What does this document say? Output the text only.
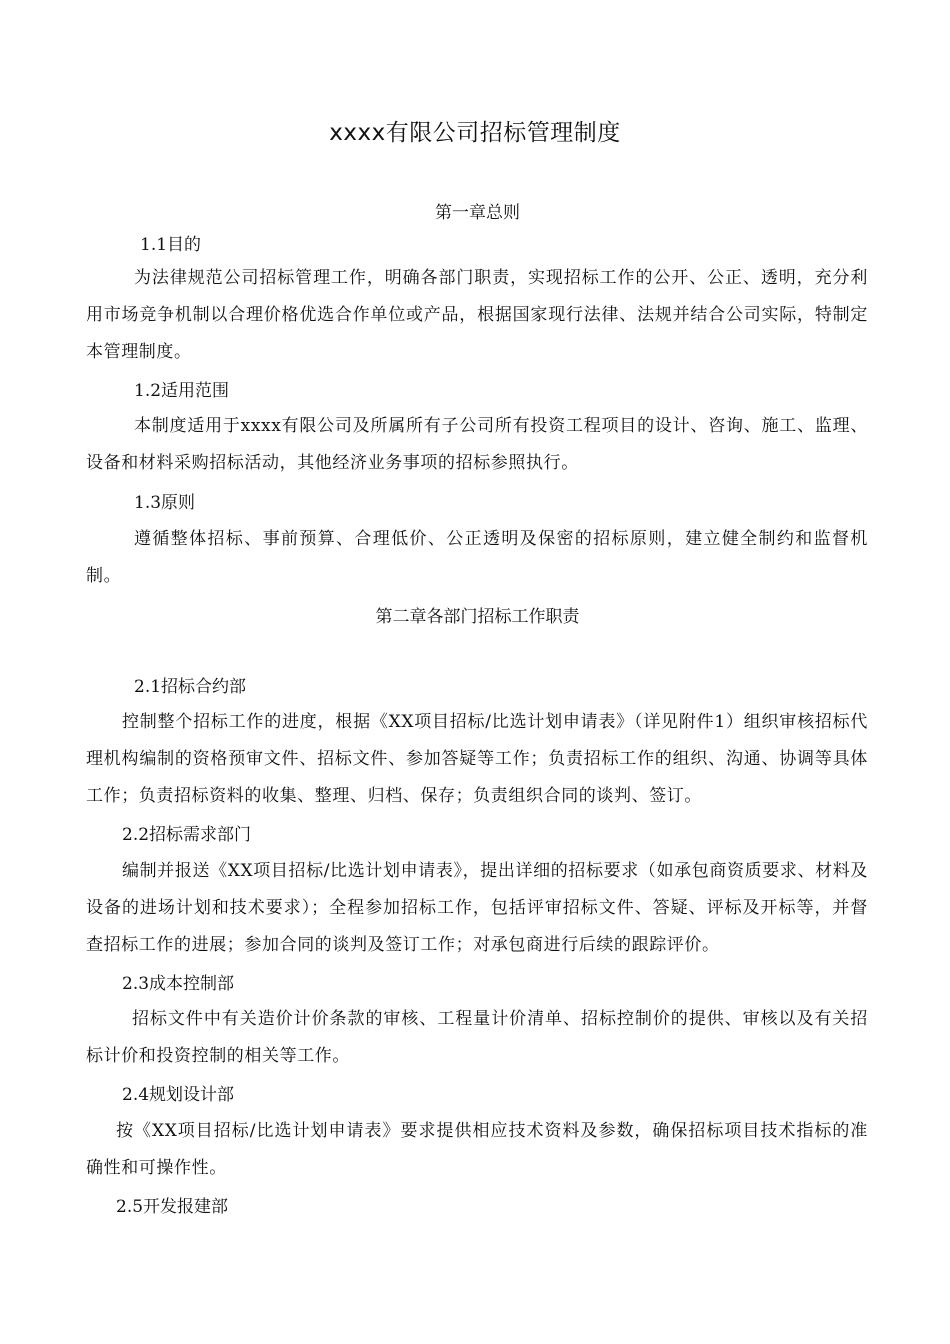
xxxx有限公司招标管理制度
第一章总则
1.1目的
为法律规范公司招标管理工作，明确各部门职责，实现招标工作的公开、公正、透明，充分利用市场竞争机制以合理价格优选合作单位或产品，根据国家现行法律、法规并结合公司实际，特制定本管理制度。
1.2适用范围
本制度适用于xxxx有限公司及所属所有子公司所有投资工程项目的设计、咨询、施工、监理、设备和材料采购招标活动，其他经济业务事项的招标参照执行。
1.3原则
遵循整体招标、事前预算、合理低价、公正透明及保密的招标原则，建立健全制约和监督机制。
第二章各部门招标工作职责
2.1招标合约部
控制整个招标工作的进度，根据《XX项目招标/比选计划申请表》（详见附件1）组织审核招标代理机构编制的资格预审文件、招标文件、参加答疑等工作；负责招标工作的组织、沟通、协调等具体工作；负责招标资料的收集、整理、归档、保存；负责组织合同的谈判、签订。
2.2招标需求部门
编制并报送《XX项目招标/比选计划申请表》，提出详细的招标要求（如承包商资质要求、材料及设备的进场计划和技术要求）；全程参加招标工作，包括评审招标文件、答疑、评标及开标等，并督查招标工作的进展；参加合同的谈判及签订工作；对承包商进行后续的跟踪评价。
2.3成本控制部
招标文件中有关造价计价条款的审核、工程量计价清单、招标控制价的提供、审核以及有关招标计价和投资控制的相关等工作。
2.4规划设计部
按《XX项目招标/比选计划申请表》要求提供相应技术资料及参数，确保招标项目技术指标的准确性和可操作性。
2.5开发报建部
